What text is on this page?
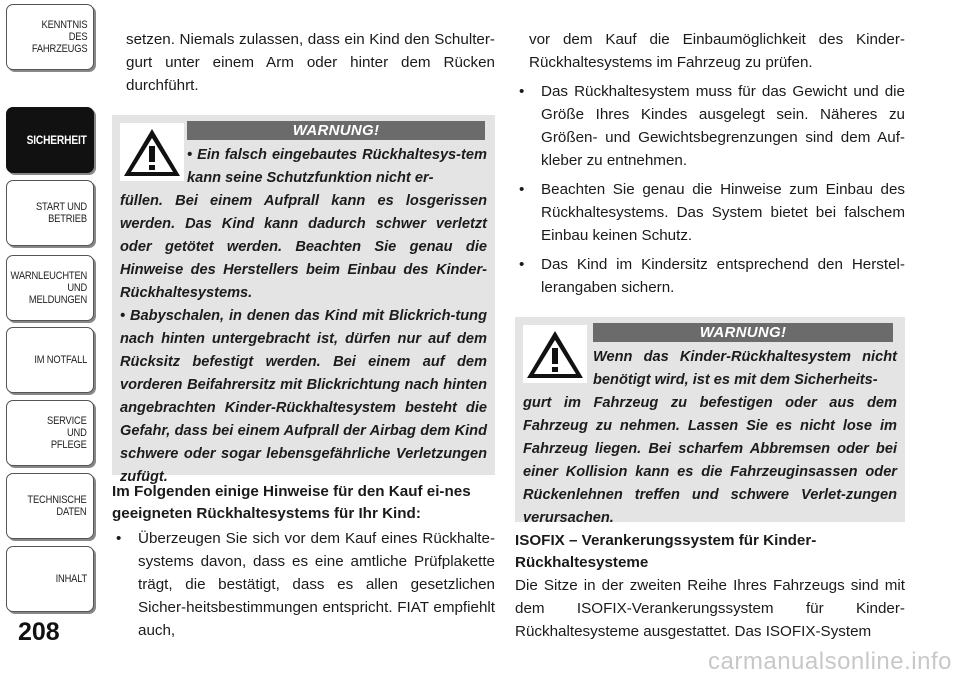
KENNTNIS
DES
FAHRZEUGS
SICHERHEIT
START UND
BETRIEB
WARNLEUCHTEN
UND
MELDUNGEN
IM NOTFALL
SERVICE
UND
PFLEGE
TECHNISCHE
DATEN
INHALT
208

setzen. Niemals zulassen, dass ein Kind den Schulter-gurt unter einem Arm oder hinter dem Rücken durchführt.

WARNUNG!
• Ein falsch eingebautes Rückhaltesys-tem kann seine Schutzfunktion nicht er-
füllen. Bei einem Aufprall kann es losgerissen werden. Das Kind kann dadurch schwer verletzt oder getötet werden. Beachten Sie genau die Hinweise des Herstellers beim Einbau des Kinder-Rückhaltesystems.
• Babyschalen, in denen das Kind mit Blickrich-tung nach hinten untergebracht ist, dürfen nur auf dem Rücksitz befestigt werden. Bei einem auf dem vorderen Beifahrersitz mit Blickrichtung nach hinten angebrachten Kinder-Rückhaltesystem besteht die Gefahr, dass bei einem Aufprall der Airbag dem Kind schwere oder sogar lebensgefährliche Verletzungen zufügt.

Im Folgenden einige Hinweise für den Kauf ei-nes geeigneten Rückhaltesystems für Ihr Kind:

• Überzeugen Sie sich vor dem Kauf eines Rückhalte-systems davon, dass es eine amtliche Prüfplakette trägt, die bestätigt, dass es allen gesetzlichen Sicher-heitsbestimmungen entspricht. FIAT empfiehlt auch,

vor dem Kauf die Einbaumöglichkeit des Kinder-Rückhaltesystems im Fahrzeug zu prüfen.

• Das Rückhaltesystem muss für das Gewicht und die Größe Ihres Kindes ausgelegt sein. Näheres zu Größen- und Gewichtsbegrenzungen sind dem Auf-kleber zu entnehmen.
• Beachten Sie genau die Hinweise zum Einbau des Rückhaltesystems. Das System bietet bei falschem Einbau keinen Schutz.
• Das Kind im Kindersitz entsprechend den Herstel-lerangaben sichern.
WARNUNG!
Wenn das Kinder-Rückhaltesystem nicht benötigt wird, ist es mit dem Sicherheits-
gurt im Fahrzeug zu befestigen oder aus dem Fahrzeug zu nehmen. Lassen Sie es nicht lose im Fahrzeug liegen. Bei scharfem Abbremsen oder bei einer Kollision kann es die Fahrzeuginsassen oder Rückenlehnen treffen und schwere Verlet-zungen verursachen.

ISOFIX – Verankerungssystem für Kinder-Rückhaltesysteme

Die Sitze in der zweiten Reihe Ihres Fahrzeugs sind mit dem ISOFIX-Verankerungssystem für Kinder-Rückhaltesysteme ausgestattet. Das ISOFIX-System

carmanualsonline.info
